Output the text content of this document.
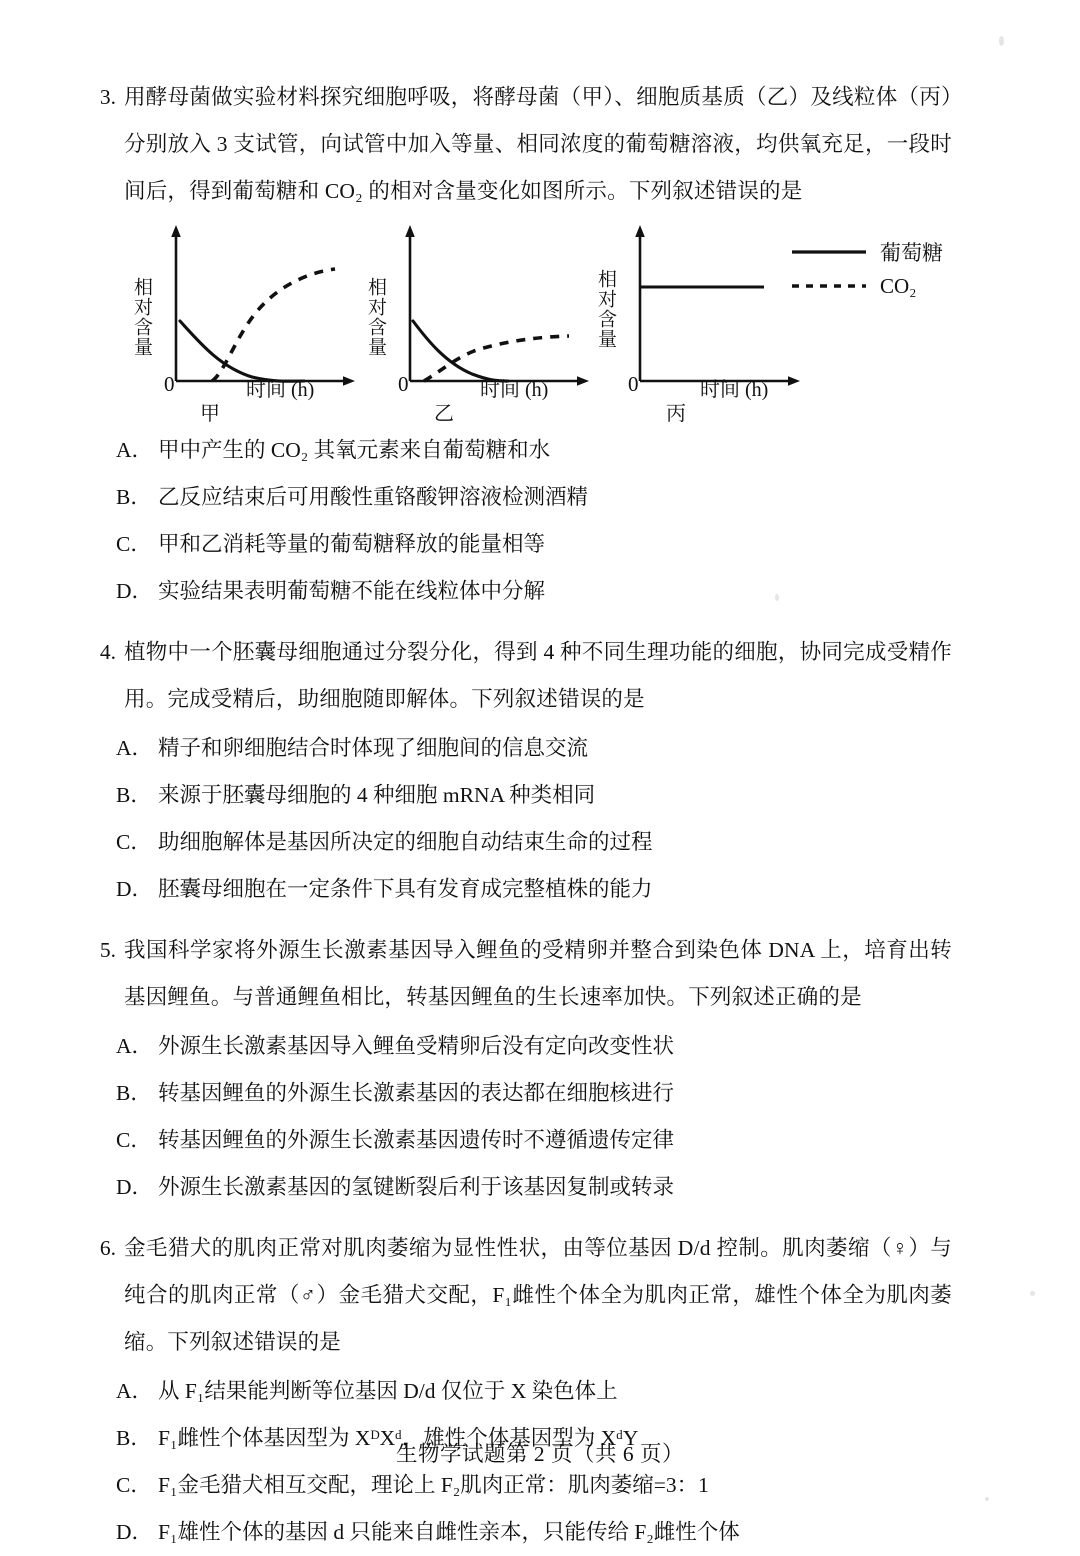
3. 用酵母菌做实验材料探究细胞呼吸，将酵母菌（甲）、细胞质基质（乙）及线粒体（丙）分别放入 3 支试管，向试管中加入等量、相同浓度的葡萄糖溶液，均供氧充足，一段时间后，得到葡萄糖和 CO₂ 的相对含量变化如图所示。下列叙述错误的是
0
相对含量
时间 (h)
甲
0
相对含量
时间 (h)
乙
0
相对含量
时间 (h)
丙
葡萄糖
CO₂
A． 甲中产生的 CO₂ 其氧元素来自葡萄糖和水
B． 乙反应结束后可用酸性重铬酸钾溶液检测酒精
C． 甲和乙消耗等量的葡萄糖释放的能量相等
D． 实验结果表明葡萄糖不能在线粒体中分解
4. 植物中一个胚囊母细胞通过分裂分化，得到 4 种不同生理功能的细胞，协同完成受精作用。完成受精后，助细胞随即解体。下列叙述错误的是
A． 精子和卵细胞结合时体现了细胞间的信息交流
B． 来源于胚囊母细胞的 4 种细胞 mRNA 种类相同
C． 助细胞解体是基因所决定的细胞自动结束生命的过程
D． 胚囊母细胞在一定条件下具有发育成完整植株的能力
5. 我国科学家将外源生长激素基因导入鲤鱼的受精卵并整合到染色体 DNA 上，培育出转基因鲤鱼。与普通鲤鱼相比，转基因鲤鱼的生长速率加快。下列叙述正确的是
A． 外源生长激素基因导入鲤鱼受精卵后没有定向改变性状
B． 转基因鲤鱼的外源生长激素基因的表达都在细胞核进行
C． 转基因鲤鱼的外源生长激素基因遗传时不遵循遗传定律
D． 外源生长激素基因的氢键断裂后利于该基因复制或转录
6. 金毛猎犬的肌肉正常对肌肉萎缩为显性性状，由等位基因 D/d 控制。肌肉萎缩（♀）与纯合的肌肉正常（♂）金毛猎犬交配，F₁雌性个体全为肌肉正常，雄性个体全为肌肉萎缩。下列叙述错误的是
A． 从 F₁结果能判断等位基因 D/d 仅位于 X 染色体上
B． F₁雌性个体基因型为 XᴰXᵈ，雄性个体基因型为 XᵈY
C． F₁金毛猎犬相互交配，理论上 F₂肌肉正常：肌肉萎缩=3：1
D． F₁雄性个体的基因 d 只能来自雌性亲本，只能传给 F₂雌性个体
生物学试题第 2 页（共 6 页）
